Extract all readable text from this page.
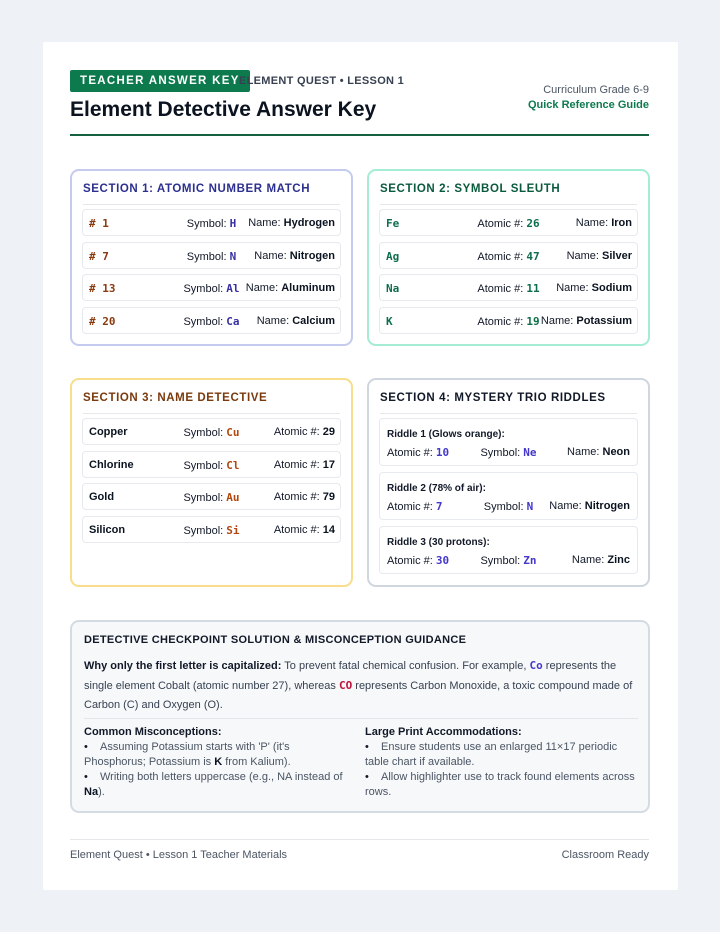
TEACHER ANSWER KEY ELEMENT QUEST • LESSON 1
Element Detective Answer Key
Curriculum Grade 6-9
Quick Reference Guide
SECTION 1: ATOMIC NUMBER MATCH
# 1	Symbol: H Name: Hydrogen
# 7	Symbol: N Name: Nitrogen
# 13	Symbol: Al Name: Aluminum
# 20	Symbol: Ca Name: Calcium
SECTION 2: SYMBOL SLEUTH
Fe	Atomic #: 26	Name: Iron
Ag	Atomic #: 47 Name: Silver
Na	Atomic #: 11 Name: Sodium
K	Atomic #: 19 Name: Potassium
SECTION 3: NAME DETECTIVE
Copper	Symbol: Cu	Atomic #: 29
Chlorine	Symbol: Cl	Atomic #: 17
Gold	Symbol: Au	Atomic #: 79
Silicon	Symbol: Si	Atomic #: 14
SECTION 4: MYSTERY TRIO RIDDLES
Riddle 1 (Glows orange):
Atomic #: 10	Symbol: Ne	Name: Neon
Riddle 2 (78% of air):
Atomic #: 7	Symbol: N Name: Nitrogen
Riddle 3 (30 protons):
Atomic #: 30	Symbol: Zn	Name: Zinc
DETECTIVE CHECKPOINT SOLUTION & MISCONCEPTION GUIDANCE
Why only the first letter is capitalized: To prevent fatal chemical confusion. For example, Co represents the single element Cobalt (atomic number 27), whereas CO represents Carbon Monoxide, a toxic compound made of Carbon (C) and Oxygen (O).
Common Misconceptions:
• Assuming Potassium starts with 'P' (it's Phosphorus; Potassium is K from Kalium).
• Writing both letters uppercase (e.g., NA instead of Na).
Large Print Accommodations:
• Ensure students use an enlarged 11×17 periodic table chart if available.
• Allow highlighter use to track found elements across rows.
Element Quest • Lesson 1 Teacher Materials	Classroom Ready
